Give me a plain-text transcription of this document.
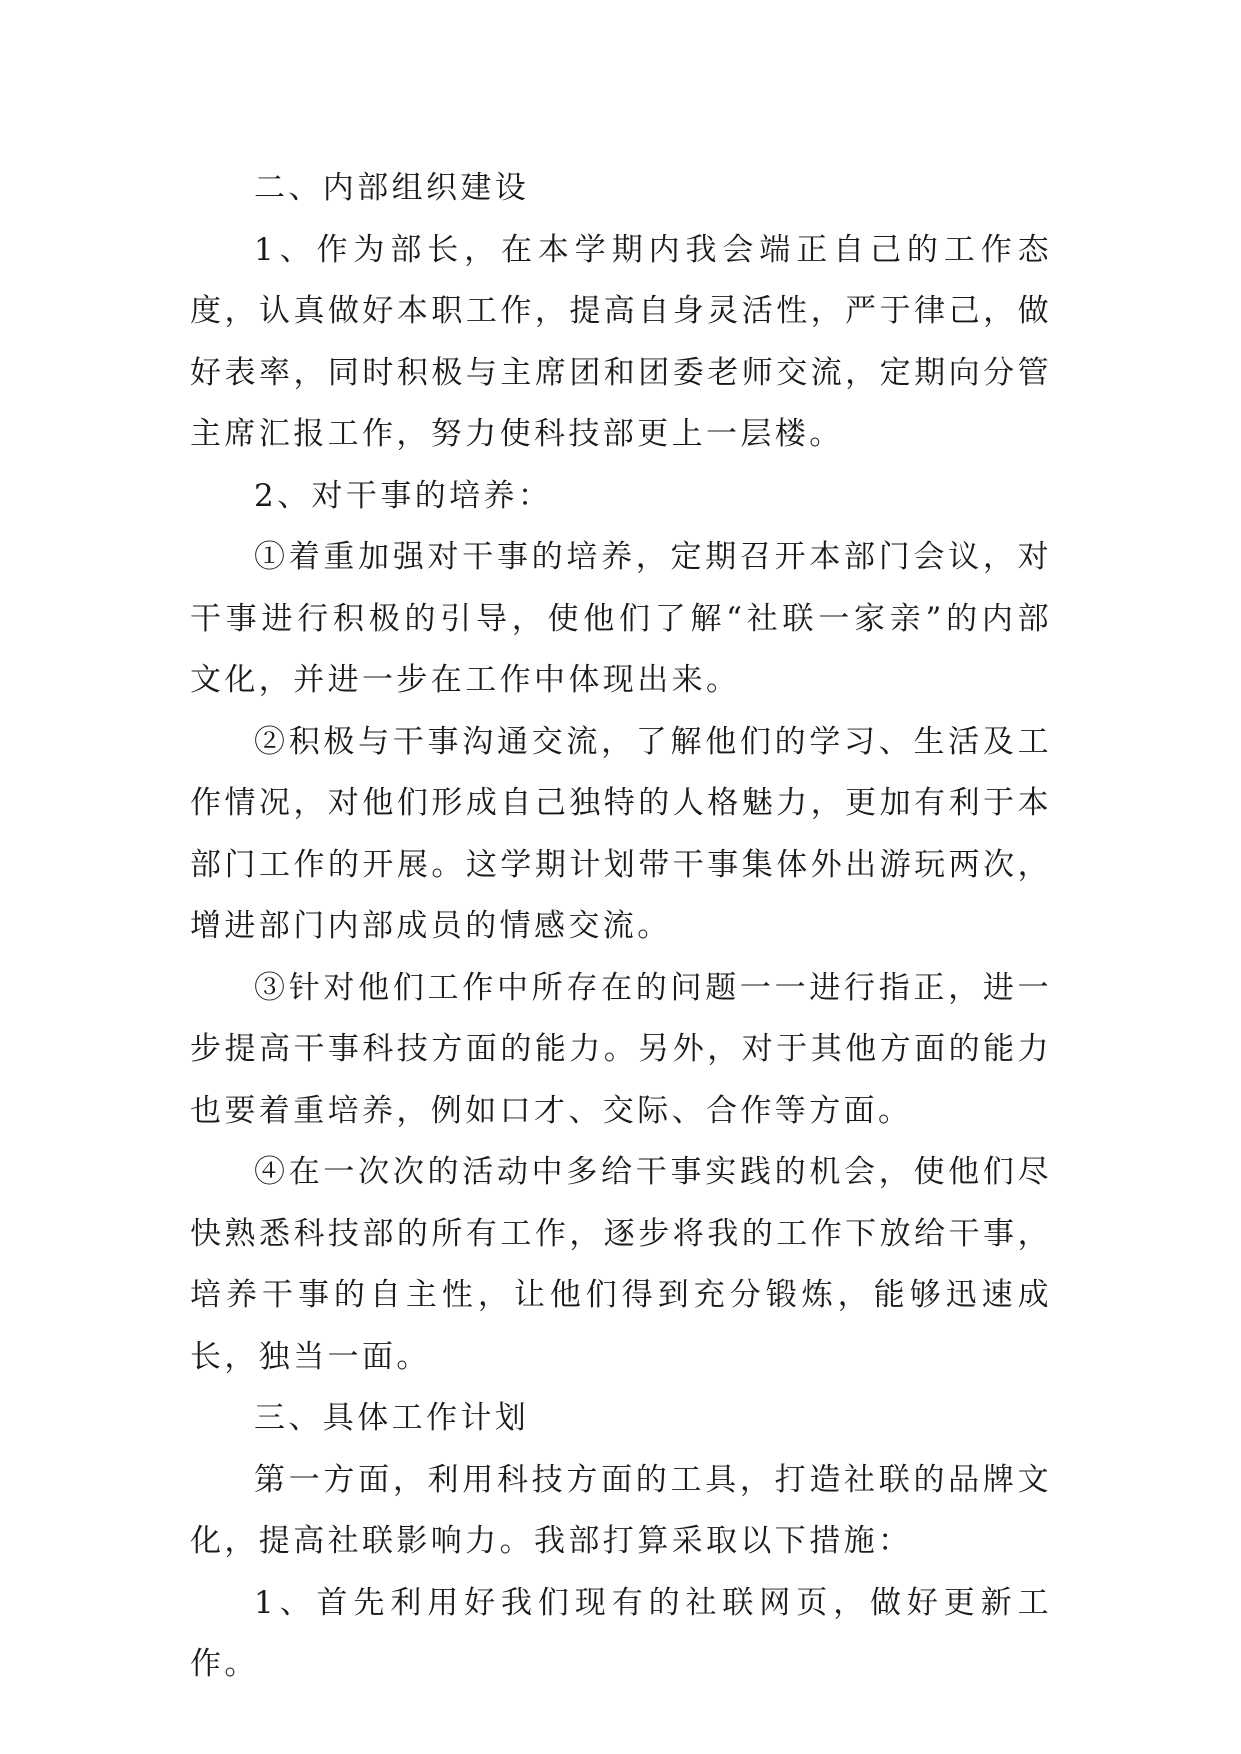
二、内部组织建设

1、作为部长，在本学期内我会端正自己的工作态度，认真做好本职工作，提高自身灵活性，严于律己，做好表率，同时积极与主席团和团委老师交流，定期向分管主席汇报工作，努力使科技部更上一层楼。

2、对干事的培养：

①着重加强对干事的培养，定期召开本部门会议，对干事进行积极的引导，使他们了解“社联一家亲”的内部文化，并进一步在工作中体现出来。

②积极与干事沟通交流，了解他们的学习、生活及工作情况，对他们形成自己独特的人格魅力，更加有利于本部门工作的开展。这学期计划带干事集体外出游玩两次，增进部门内部成员的情感交流。

③针对他们工作中所存在的问题一一进行指正，进一步提高干事科技方面的能力。另外，对于其他方面的能力也要着重培养，例如口才、交际、合作等方面。

④在一次次的活动中多给干事实践的机会，使他们尽快熟悉科技部的所有工作，逐步将我的工作下放给干事，培养干事的自主性，让他们得到充分锻炼，能够迅速成长，独当一面。

三、具体工作计划

第一方面，利用科技方面的工具，打造社联的品牌文化，提高社联影响力。我部打算采取以下措施：

1、首先利用好我们现有的社联网页，做好更新工作。
